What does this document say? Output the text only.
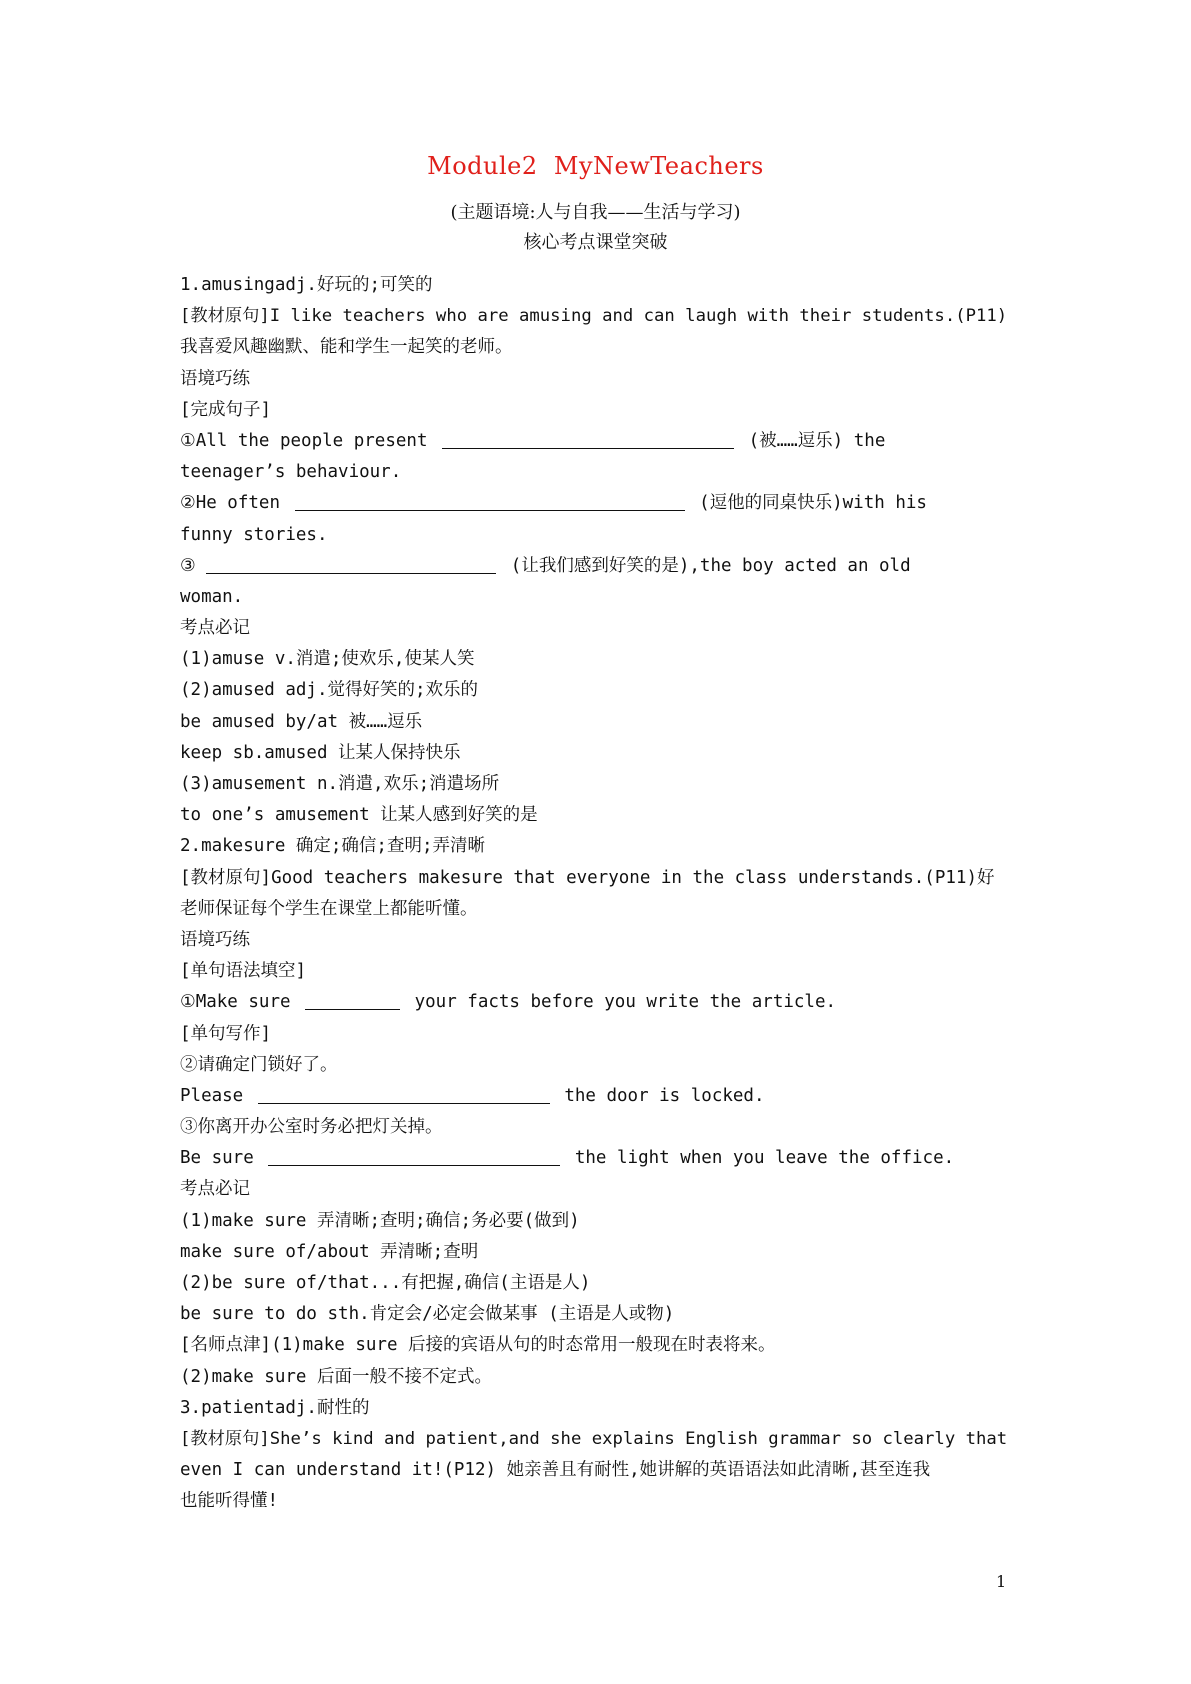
Module2  MyNewTeachers
(主题语境:人与自我——生活与学习)
核心考点课堂突破
1.amusingadj.好玩的;可笑的
[教材原句]I like teachers who are amusing and can laugh with their students.(P11)
我喜爱风趣幽默、能和学生一起笑的老师。
语境巧练
[完成句子]
①All the people present	(被……逗乐) the
teenager’s behaviour.
②He often	(逗他的同桌快乐)with his
funny stories.
③	(让我们感到好笑的是),the boy acted an old
woman.
考点必记
(1)amuse v.消遣;使欢乐,使某人笑
(2)amused adj.觉得好笑的;欢乐的
be amused by/at 被……逗乐
keep sb.amused 让某人保持快乐
(3)amusement n.消遣,欢乐;消遣场所
to one’s amusement 让某人感到好笑的是
2.makesure 确定;确信;查明;弄清晰
[教材原句]Good teachers makesure that everyone in the class understands.(P11)好
老师保证每个学生在课堂上都能听懂。
语境巧练
[单句语法填空]
①Make sure	your facts before you write the article.
[单句写作]
②请确定门锁好了。
Please	the door is locked.
③你离开办公室时务必把灯关掉。
Be sure	the light when you leave the office.
考点必记
(1)make sure 弄清晰;查明;确信;务必要(做到)
make sure of/about 弄清晰;查明
(2)be sure of/that...有把握,确信(主语是人)
be sure to do sth.肯定会/必定会做某事 (主语是人或物)
[名师点津](1)make sure 后接的宾语从句的时态常用一般现在时表将来。
(2)make sure 后面一般不接不定式。
3.patientadj.耐性的
[教材原句]She’s kind and patient,and she explains English grammar so clearly that
even I can understand it!(P12) 她亲善且有耐性,她讲解的英语语法如此清晰,甚至连我
也能听得懂!
1
